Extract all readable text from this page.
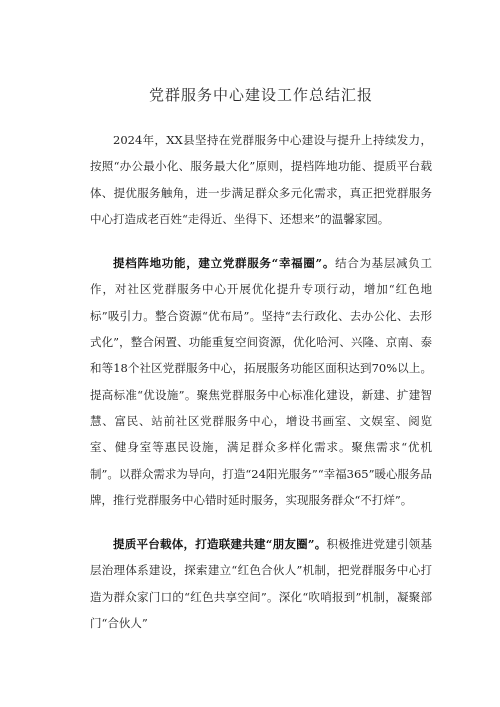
党群服务中心建设工作总结汇报

2024年，XX县坚持在党群服务中心建设与提升上持续发力，按照“办公最小化、服务最大化”原则，提档阵地功能、提质平台载体、提优服务触角，进一步满足群众多元化需求，真正把党群服务中心打造成老百姓“走得近、坐得下、还想来”的温馨家园。

提档阵地功能，建立党群服务“幸福圈”。结合为基层减负工作，对社区党群服务中心开展优化提升专项行动，增加“红色地标”吸引力。整合资源“优布局”。坚持“去行政化、去办公化、去形式化”，整合闲置、功能重复空间资源，优化哈河、兴隆、京南、泰和等18个社区党群服务中心，拓展服务功能区面积达到70%以上。提高标准“优设施”。聚焦党群服务中心标准化建设，新建、扩建智慧、富民、站前社区党群服务中心，增设书画室、文娱室、阅览室、健身室等惠民设施，满足群众多样化需求。聚焦需求“优机制”。以群众需求为导向，打造“24阳光服务”“幸福365”暖心服务品牌，推行党群服务中心错时延时服务，实现服务群众“不打烊”。

提质平台载体，打造联建共建“朋友圈”。积极推进党建引领基层治理体系建设，探索建立“红色合伙人”机制，把党群服务中心打造为群众家门口的“红色共享空间”。深化“吹哨报到”机制，凝聚部门“合伙人”
